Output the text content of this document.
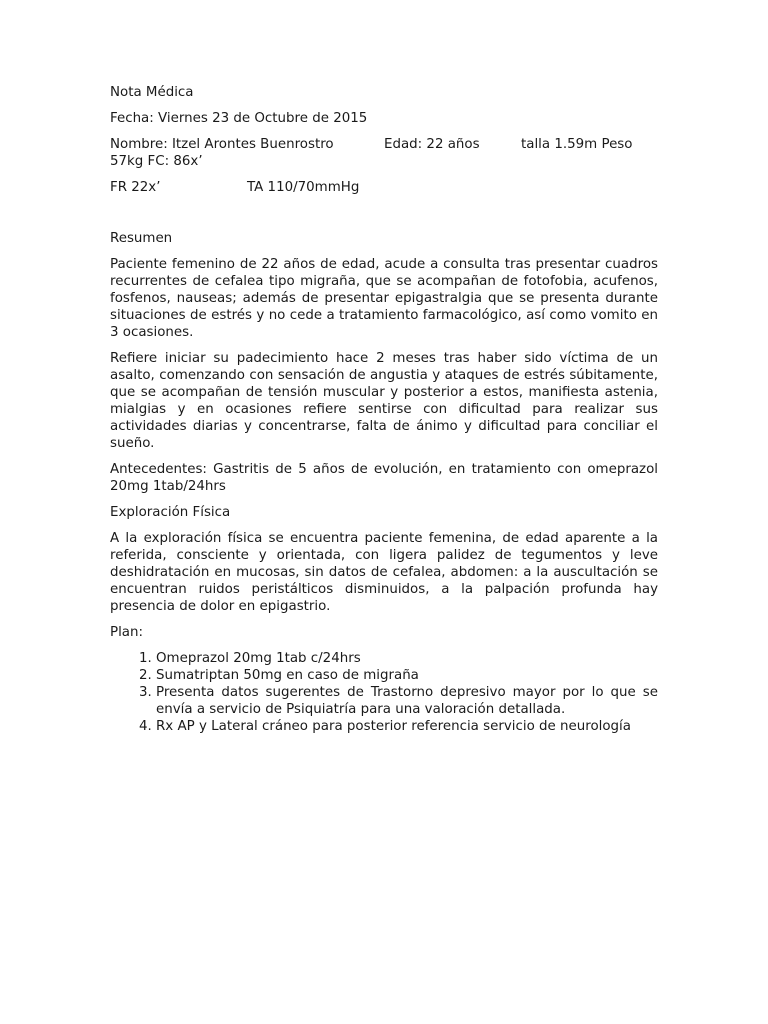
Nota Médica

Fecha: Viernes 23 de Octubre de 2015

Nombre: Itzel Arontes Buenrostro	Edad: 22 años	talla 1.59m Peso

57kg FC: 86x’

FR 22x’	TA 110/70mmHg

Resumen

Paciente femenino de 22 años de edad, acude a consulta tras presentar cuadros recurrentes de cefalea tipo migraña, que se acompañan de fotofobia, acufenos, fosfenos, nauseas; además de presentar epigastralgia que se presenta durante situaciones de estrés y no cede a tratamiento farmacológico, así como vomito en 3 ocasiones.

Refiere iniciar su padecimiento hace 2 meses tras haber sido víctima de un asalto, comenzando con sensación de angustia y ataques de estrés súbitamente, que se acompañan de tensión muscular y posterior a estos, manifiesta astenia, mialgias y en ocasiones refiere sentirse con dificultad para realizar sus actividades diarias y concentrarse, falta de ánimo y dificultad para conciliar el sueño.

Antecedentes: Gastritis de 5 años de evolución, en tratamiento con omeprazol 20mg 1tab/24hrs

Exploración Física

A la exploración física se encuentra paciente femenina, de edad aparente a la referida, consciente y orientada, con ligera palidez de tegumentos y leve deshidratación en mucosas, sin datos de cefalea, abdomen: a la auscultación se encuentran ruidos peristálticos disminuidos, a la palpación profunda hay presencia de dolor en epigastrio.

Plan:

1. Omeprazol 20mg 1tab c/24hrs
2. Sumatriptan 50mg en caso de migraña
3. Presenta datos sugerentes de Trastorno depresivo mayor por lo que se envía a servicio de Psiquiatría para una valoración detallada.
4. Rx AP y Lateral cráneo para posterior referencia servicio de neurología
